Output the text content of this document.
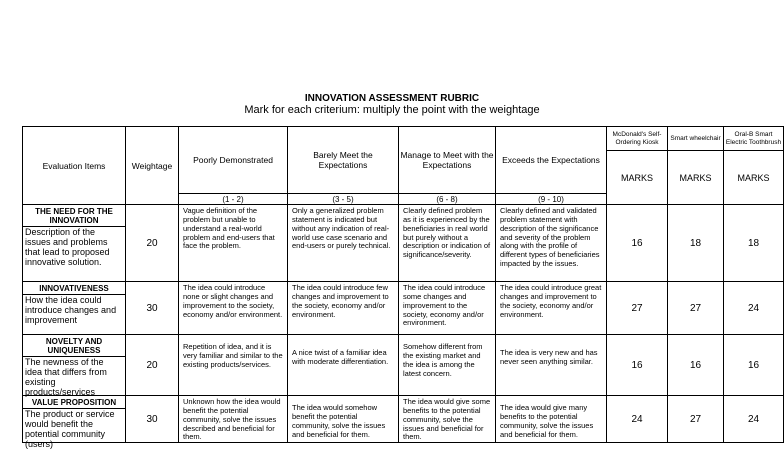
INNOVATION ASSESSMENT RUBRIC
Mark for each criterium: multiply the point with the weightage
Evaluation Items	Weightage	Poorly Demonstrated	Barely Meet the Expectations	Manage to Meet with the Expectations	Exceeds the Expectations	McDonald's Self-Ordering Kiosk	Smart wheelchair	Oral-B Smart Electric Toothbrush
						MARKS	MARKS	MARKS
		(1 - 2)	(3 - 5)	(6 - 8)	(9 - 10)			

THE NEED FOR THE INNOVATION
Description of the issues and problems that lead to proposed innovative solution.	20	Vague definition of the problem but unable to understand a real-world problem and end-users that face the problem.	Only a generalized problem statement is indicated but without any indication of real-world use case scenario and end-users or purely technical.	Clearly defined problem as it is experienced by the beneficiaries in real world but purely without a description or indication of significance/severity.	Clearly defined and validated problem statement with description of the significance and severity of the problem along with the profile of different types of beneficiaries impacted by the issues.	16	18	18

INNOVATIVENESS
How the idea could introduce changes and improvement	30	The idea could introduce none or slight changes and improvement to the society, economy and/or environment.	The idea could introduce few changes and improvement to the society, economy and/or environment.	The idea could introduce some changes and improvement to the society, economy and/or environment.	The idea could introduce great changes and improvement to the society, economy and/or environment.	27	27	24

NOVELTY AND UNIQUENESS
The newness of the idea that differs from existing products/services	20	Repetition of idea, and it is very familiar and similar to the existing products/services.	A nice twist of a familiar idea with moderate differentiation.	Somehow different from the existing market and the idea is among the latest concern.	The idea is very new and has never seen anything similar.	16	16	16

VALUE PROPOSITION
The product or service would benefit the potential community (users)	30	Unknown how the idea would benefit the potential community, solve the issues described and beneficial for them.	The idea would somehow benefit the potential community, solve the issues and beneficial for them.	The idea would give some benefits to the potential community, solve the issues and beneficial for them.	The idea would give many benefits to the potential community, solve the issues and beneficial for them.	24	27	24
